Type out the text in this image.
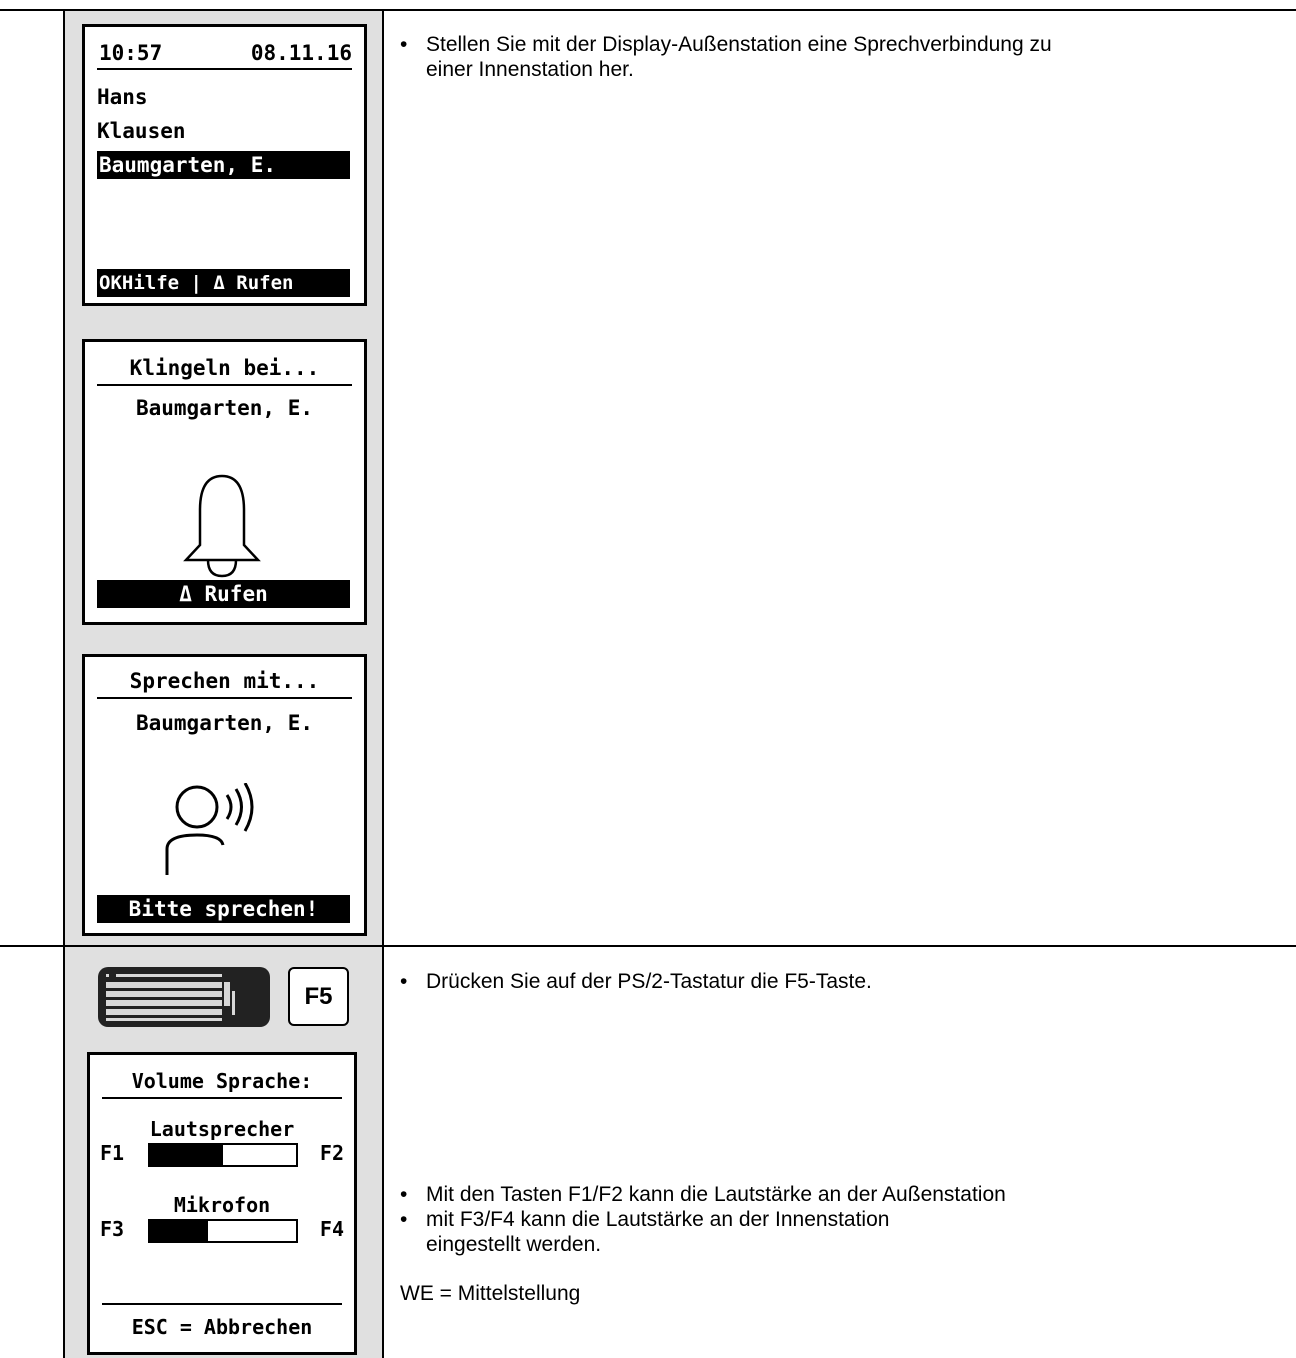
10:57	08.11.16
Hans
Klausen
Baumgarten, E.
OKHilfe | Δ Rufen
Klingeln bei...
Baumgarten, E.
Δ Rufen
Sprechen mit...
Baumgarten, E.
Bitte sprechen!
• Stellen Sie mit der Display-Außenstation eine Sprechverbindung zu
einer Innenstation her.
F5
Volume Sprache:
Lautsprecher
F1	F2
Mikrofon
F3	F4
ESC = Abbrechen
• Drücken Sie auf der PS/2-Tastatur die F5-Taste.
• Mit den Tasten F1/F2 kann die Lautstärke an der Außenstation
• mit F3/F4 kann die Lautstärke an der Innenstation
eingestellt werden.
WE = Mittelstellung
